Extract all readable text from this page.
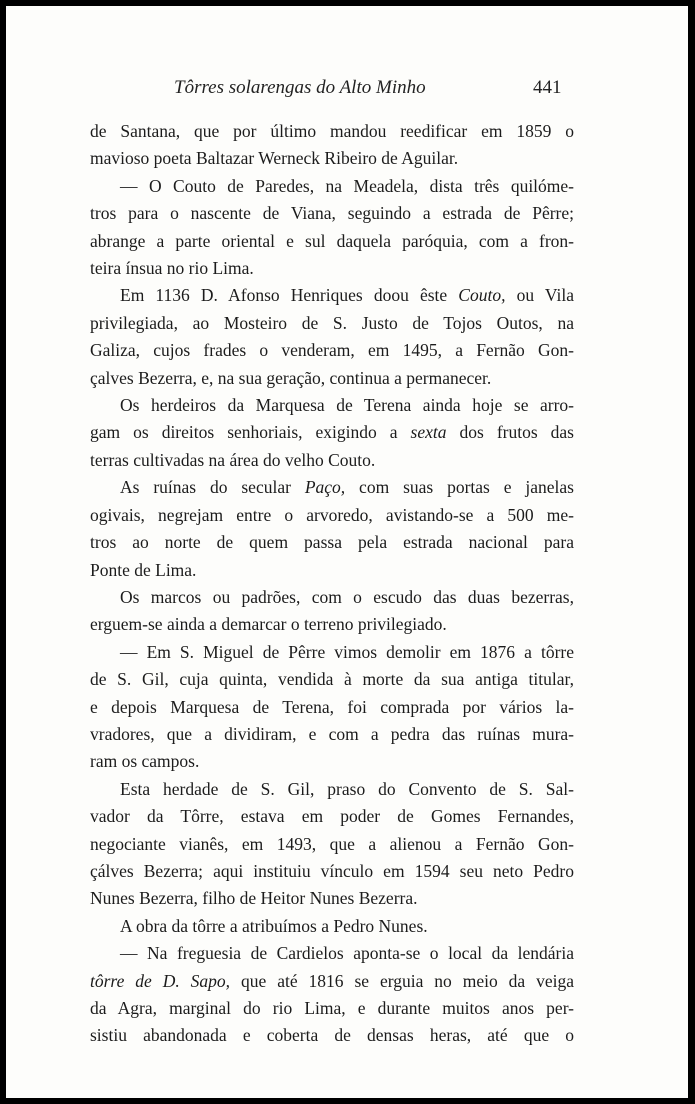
Tôrres solarengas do Alto Minho	441

de Santana, que por último mandou reedificar em 1859 o
mavioso poeta Baltazar Werneck Ribeiro de Aguilar.

— O Couto de Paredes, na Meadela, dista três quilóme-
tros para o nascente de Viana, seguindo a estrada de Pêrre;
abrange a parte oriental e sul daquela paróquia, com a fron-
teira ínsua no rio Lima.

Em 1136 D. Afonso Henriques doou êste Couto, ou Vila
privilegiada, ao Mosteiro de S. Justo de Tojos Outos, na
Galiza, cujos frades o venderam, em 1495, a Fernão Gon-
çalves Bezerra, e, na sua geração, continua a permanecer.

Os herdeiros da Marquesa de Terena ainda hoje se arro-
gam os direitos senhoriais, exigindo a sexta dos frutos das
terras cultivadas na área do velho Couto.

As ruínas do secular Paço, com suas portas e janelas
ogivais, negrejam entre o arvoredo, avistando-se a 500 me-
tros ao norte de quem passa pela estrada nacional para
Ponte de Lima.

Os marcos ou padrões, com o escudo das duas bezerras,
erguem-se ainda a demarcar o terreno privilegiado.

— Em S. Miguel de Pêrre vimos demolir em 1876 a tôrre
de S. Gil, cuja quinta, vendida à morte da sua antiga titular,
e depois Marquesa de Terena, foi comprada por vários la-
vradores, que a dividiram, e com a pedra das ruínas mura-
ram os campos.

Esta herdade de S. Gil, praso do Convento de S. Sal-
vador da Tôrre, estava em poder de Gomes Fernandes,
negociante vianês, em 1493, que a alienou a Fernão Gon-
çálves Bezerra; aqui instituiu vínculo em 1594 seu neto Pedro
Nunes Bezerra, filho de Heitor Nunes Bezerra.

A obra da tôrre a atribuímos a Pedro Nunes.

— Na freguesia de Cardielos aponta-se o local da lendária
tôrre de D. Sapo, que até 1816 se erguia no meio da veiga
da Agra, marginal do rio Lima, e durante muitos anos per-
sistiu abandonada e coberta de densas heras, até que o
